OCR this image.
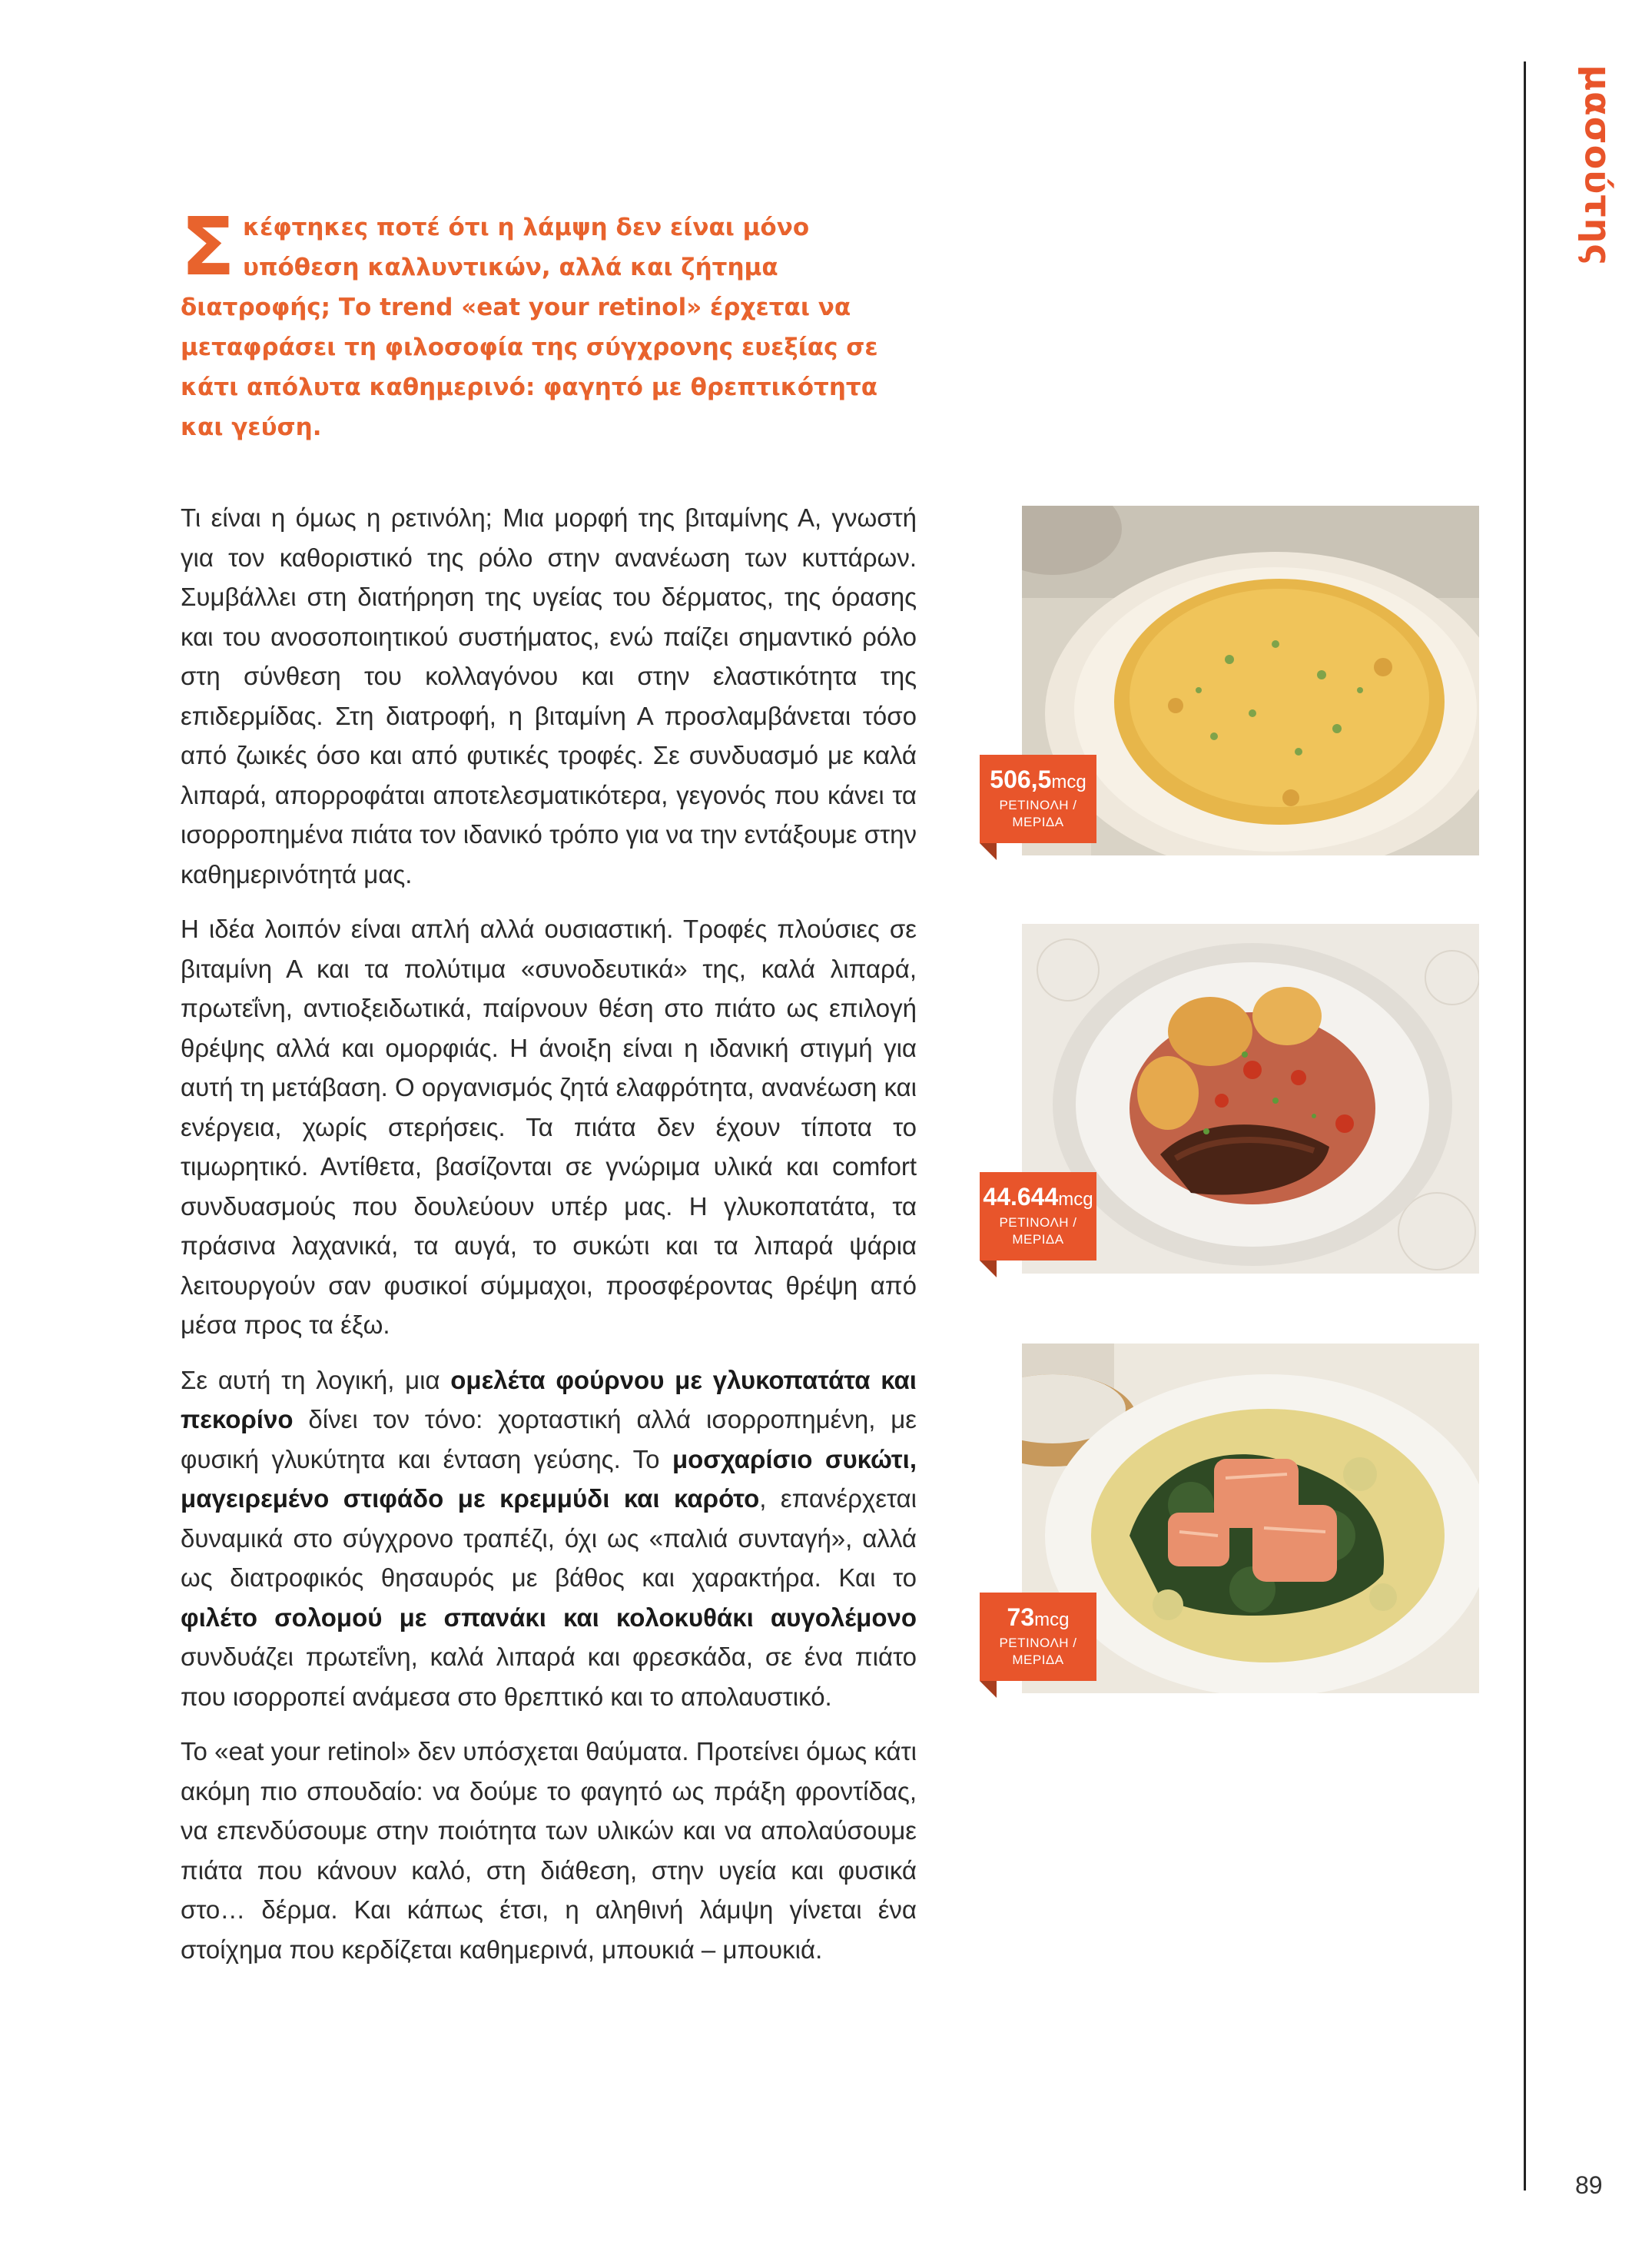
μασούτης
Σκέφτηκες ποτέ ότι η λάμψη δεν είναι μόνο υπόθεση καλλυντικών, αλλά και ζήτημα διατροφής; Το trend «eat your retinol» έρχεται να μεταφράσει τη φιλοσοφία της σύγχρονης ευεξίας σε κάτι απόλυτα καθημερινό: φαγητό με θρεπτικότητα και γεύση.

Τι είναι η όμως η ρετινόλη; Μια μορφή της βιταμίνης Α, γνωστή για τον καθοριστικό της ρόλο στην ανανέωση των κυττάρων. Συμβάλλει στη διατήρηση της υγείας του δέρματος, της όρασης και του ανοσοποιητικού συστήματος, ενώ παίζει σημαντικό ρόλο στη σύνθεση του κολλαγόνου και στην ελαστικότητα της επιδερμίδας. Στη διατροφή, η βιταμίνη Α προσλαμβάνεται τόσο από ζωικές όσο και από φυτικές τροφές. Σε συνδυασμό με καλά λιπαρά, απορροφάται αποτελεσματικότερα, γεγονός που κάνει τα ισορροπημένα πιάτα τον ιδανικό τρόπο για να την εντάξουμε στην καθημερινότητά μας.

Η ιδέα λοιπόν είναι απλή αλλά ουσιαστική. Τροφές πλούσιες σε βιταμίνη Α και τα πολύτιμα «συνοδευτικά» της, καλά λιπαρά, πρωτεΐνη, αντιοξειδωτικά, παίρνουν θέση στο πιάτο ως επιλογή θρέψης αλλά και ομορφιάς. Η άνοιξη είναι η ιδανική στιγμή για αυτή τη μετάβαση. Ο οργανισμός ζητά ελαφρότητα, ανανέωση και ενέργεια, χωρίς στερήσεις. Τα πιάτα δεν έχουν τίποτα το τιμωρητικό. Αντίθετα, βασίζονται σε γνώριμα υλικά και comfort συνδυασμούς που δουλεύουν υπέρ μας. Η γλυκοπατάτα, τα πράσινα λαχανικά, τα αυγά, το συκώτι και τα λιπαρά ψάρια λειτουργούν σαν φυσικοί σύμμαχοι, προσφέροντας θρέψη από μέσα προς τα έξω.

Σε αυτή τη λογική, μια ομελέτα φούρνου με γλυκοπατάτα και πεκορίνο δίνει τον τόνο: χορταστική αλλά ισορροπημένη, με φυσική γλυκύτητα και ένταση γεύσης. Το μοσχαρίσιο συκώτι, μαγειρεμένο στιφάδο με κρεμμύδι και καρότο, επανέρχεται δυναμικά στο σύγχρονο τραπέζι, όχι ως «παλιά συνταγή», αλλά ως διατροφικός θησαυρός με βάθος και χαρακτήρα. Και το φιλέτο σολομού με σπανάκι και κολοκυθάκι αυγολέμονο συνδυάζει πρωτεΐνη, καλά λιπαρά και φρεσκάδα, σε ένα πιάτο που ισορροπεί ανάμεσα στο θρεπτικό και το απολαυστικό.

Το «eat your retinol» δεν υπόσχεται θαύματα. Προτείνει όμως κάτι ακόμη πιο σπουδαίο: να δούμε το φαγητό ως πράξη φροντίδας, να επενδύσουμε στην ποιότητα των υλικών και να απολαύσουμε πιάτα που κάνουν καλό, στη διάθεση, στην υγεία και φυσικά στο… δέρμα. Και κάπως έτσι, η αληθινή λάμψη γίνεται ένα στοίχημα που κερδίζεται καθημερινά, μπουκιά – μπουκιά.

506,5mcg
ΡΕΤΙΝΟΛΗ /
ΜΕΡΙΔΑ
44.644mcg
ΡΕΤΙΝΟΛΗ /
ΜΕΡΙΔΑ
73mcg
ΡΕΤΙΝΟΛΗ /
ΜΕΡΙΔΑ
89
